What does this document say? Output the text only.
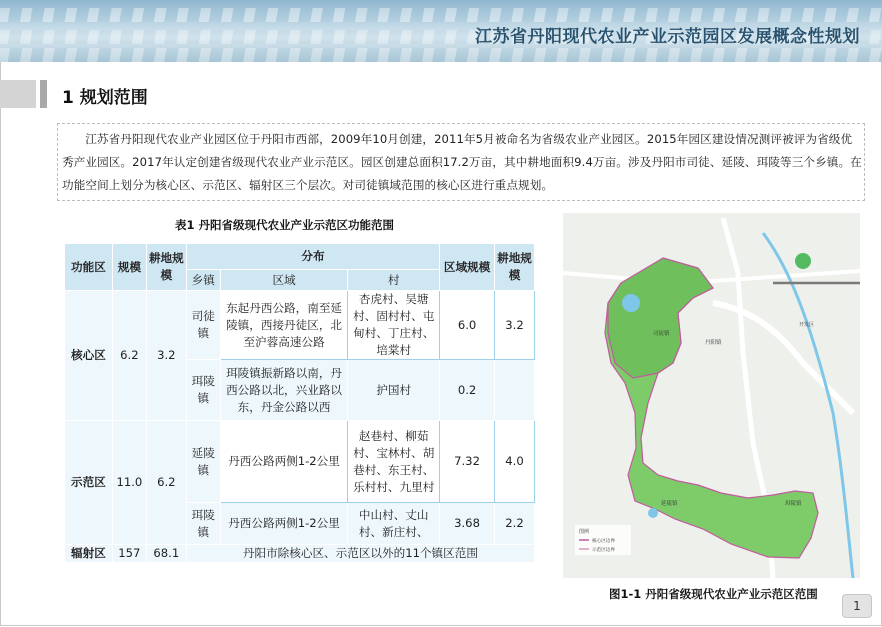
江苏省丹阳现代农业产业示范园区发展概念性规划
1 规划范围
江苏省丹阳现代农业产业园区位于丹阳市西部，2009年10月创建，2011年5月被命名为省级农业产业园区。2015年园区建设情况测评被评为省级优秀产业园区。2017年认定创建省级现代农业产业示范区。园区创建总面积17.2万亩，其中耕地面积9.4万亩。涉及丹阳市司徒、延陵、珥陵等三个乡镇。在功能空间上划分为核心区、示范区、辐射区三个层次。对司徒镇域范围的核心区进行重点规划。
表1 丹阳省级现代农业产业示范区功能范围
功能区	规模	耕地规模	分布			区域规模	耕地规模
			乡镇	区域	村		
核心区	6.2	3.2	司徒镇	东起丹西公路，南至延陵镇，西接丹徒区，北至沪蓉高速公路	杏虎村、吴塘村、固村村、屯甸村、丁庄村、培棠村	6.0	3.2
			珥陵镇	珥陵镇振新路以南，丹西公路以北，兴业路以东，丹金公路以西	护国村	0.2	
示范区	11.0	6.2	延陵镇	丹西公路两侧1-2公里	赵巷村、柳茹村、宝林村、胡巷村、东王村、乐村村、九里村	7.32	4.0
			珥陵镇	丹西公路两侧1-2公里	中山村、丈山村、新庄村、	3.68	2.2
辐射区	157	68.1	丹阳市除核心区、示范区以外的11个镇区范围				
司徒镇
丹阳镇
延陵镇	珥陵镇
开发区
图例
核心区边界
示范区边界
图1-1 丹阳省级现代农业产业示范区范围
1
